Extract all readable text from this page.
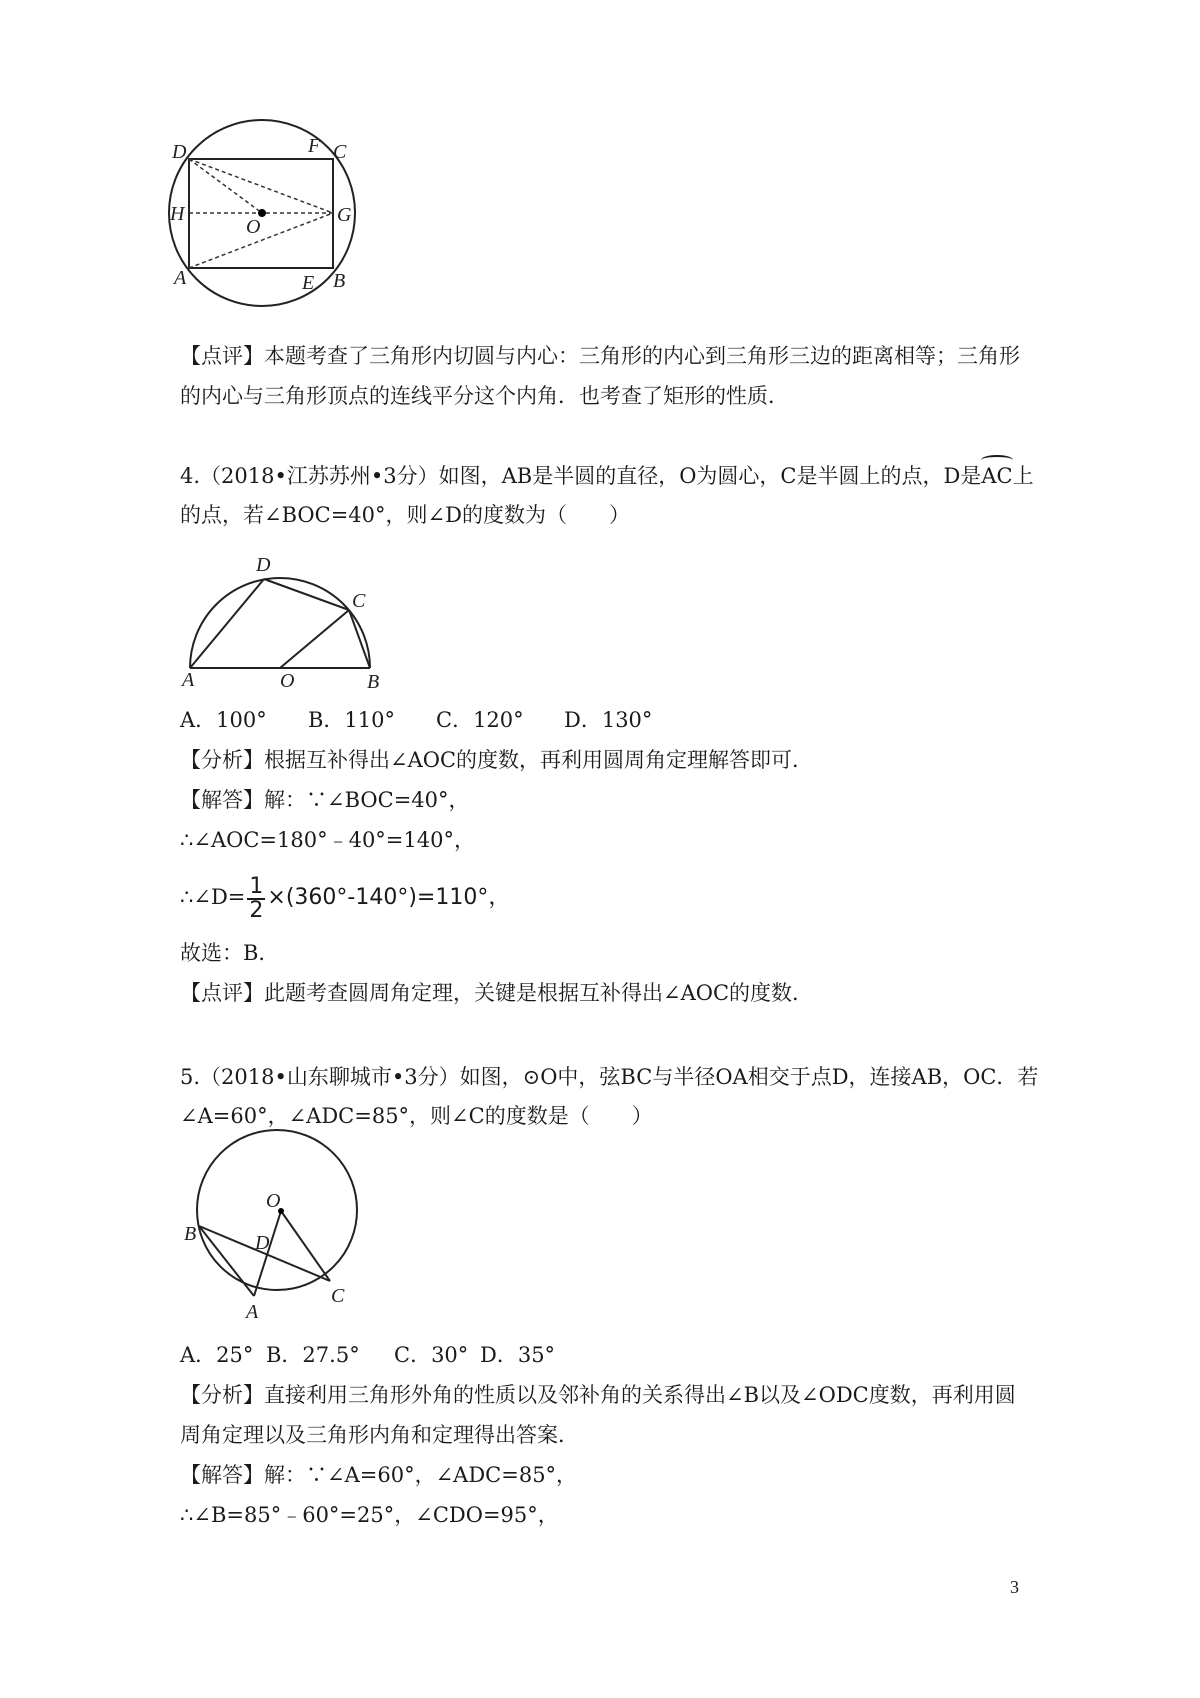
D	F C
H
O
G
A	E B
【点评】本题考查了三角形内切圆与内心：三角形的内心到三角形三边的距离相等；三角形
的内心与三角形顶点的连线平分这个内角．也考查了矩形的性质．
4.（2018•江苏苏州•3分）如图，AB是半圆的直径，O为圆心，C是半圆上的点，D是AC上
的点，若∠BOC=40°，则∠D的度数为（　　）
D
C
A	O	B
A．100° B．110° C．120° D．130°
【分析】根据互补得出∠AOC的度数，再利用圆周角定理解答即可．
【解答】解：∵∠BOC=40°，
∴∠AOC=180°﹣40°=140°，
∴∠D= $\frac{1}{2} \times(360^\circ-140^\circ)=110^\circ$，
故选：B．
【点评】此题考查圆周角定理，关键是根据互补得出∠AOC的度数．
5.（2018•山东聊城市•3分）如图，⊙O中，弦BC与半径OA相交于点D，连接AB，OC．若
∠A=60°，∠ADC=85°，则∠C的度数是（　　）
O
B	D
A
C
A．25° B．27.5° C．30° D．35°
【分析】直接利用三角形外角的性质以及邻补角的关系得出∠B以及∠ODC度数，再利用圆
周角定理以及三角形内角和定理得出答案．
【解答】解：∵∠A=60°，∠ADC=85°，
∴∠B=85°﹣60°=25°，∠CDO=95°，
3
